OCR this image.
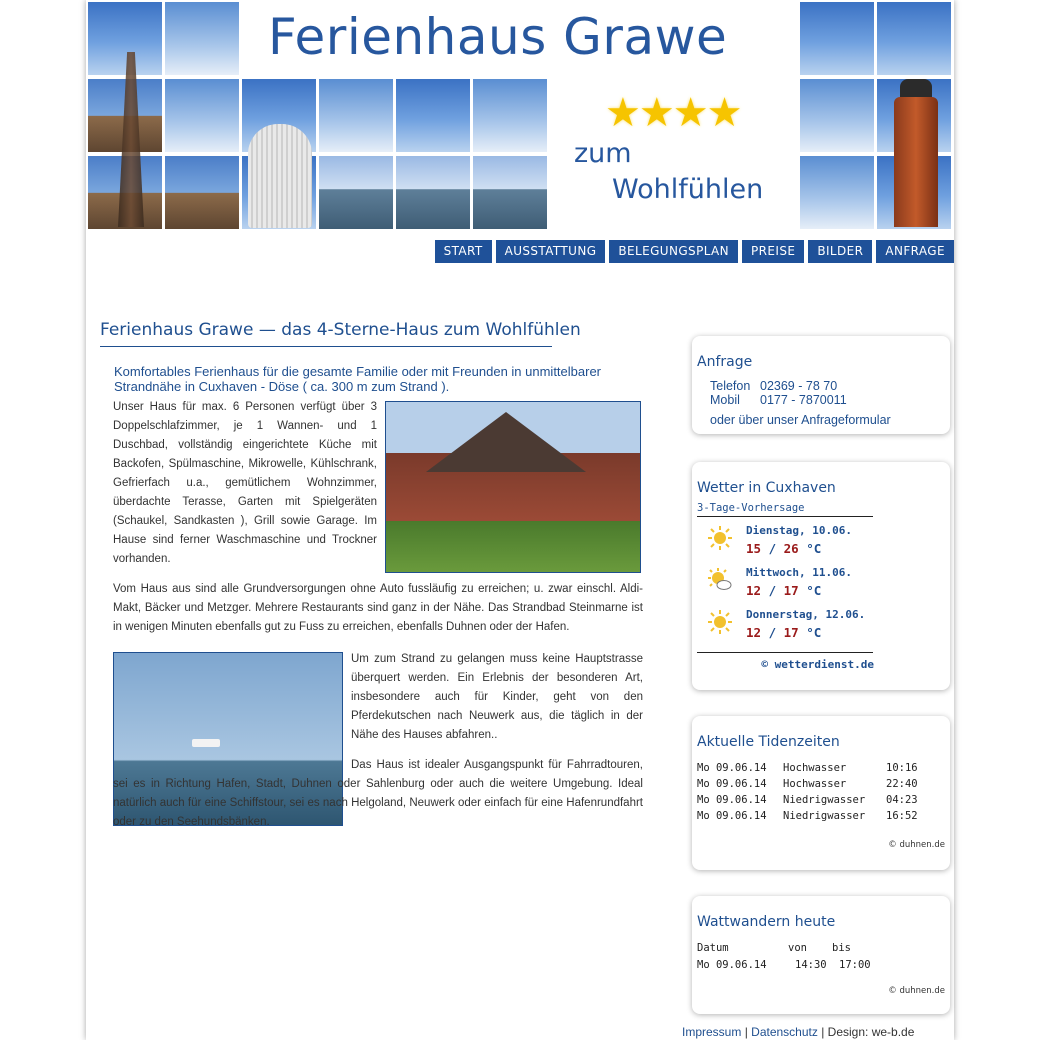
Ferienhaus Grawe
★★★★
zum
Wohlfühlen
START	AUSSTATTUNG	BELEGUNGSPLAN	PREISE	BILDER	ANFRAGE
Ferienhaus Grawe — das 4-Sterne-Haus zum Wohlfühlen
Komfortables Ferienhaus für die gesamte Familie oder mit Freunden in unmittelbarer Strandnähe in Cuxhaven - Döse ( ca. 300 m zum Strand ).
Unser Haus für max. 6 Personen verfügt über 3 Doppelschlafzimmer, je 1 Wannen- und 1 Duschbad, vollständig eingerichtete Küche mit Backofen, Spülmaschine, Mikrowelle, Kühlschrank, Gefrierfach u.a., gemütlichem Wohnzimmer, überdachte Terasse, Garten mit Spielgeräten (Schaukel, Sandkasten ), Grill sowie Garage. Im Hause sind ferner Waschmaschine und Trockner vorhanden.
Vom Haus aus sind alle Grundversorgungen ohne Auto fussläufig zu erreichen; u. zwar einschl. Aldi-Makt, Bäcker und Metzger. Mehrere Restaurants sind ganz in der Nähe. Das Strandbad Steinmarne ist in wenigen Minuten ebenfalls gut zu Fuss zu erreichen, ebenfalls Duhnen oder der Hafen.
Um zum Strand zu gelangen muss keine Hauptstrasse überquert werden. Ein Erlebnis der besonderen Art, insbesondere auch für Kinder, geht von den Pferdekutschen nach Neuwerk aus, die täglich in der Nähe des Hauses abfahren..
Das Haus ist idealer Ausgangspunkt für Fahrradtouren, sei es in Richtung Hafen, Stadt, Duhnen oder Sahlenburg oder auch die weitere Umgebung. Ideal natürlich auch für eine Schiffstour, sei es nach Helgoland, Neuwerk oder einfach für eine Hafenrundfahrt oder zu den Seehundsbänken.
Anfrage
Telefon 02369 - 78 70
Mobil 0177 - 7870011
oder über unser Anfrageformular
Wetter in Cuxhaven
3-Tage-Vorhersage
Dienstag, 10.06.
15 / 26 °C
Mittwoch, 11.06.
12 / 17 °C
Donnerstag, 12.06.
12 / 17 °C
© wetterdienst.de
Aktuelle Tidenzeiten
Mo 09.06.14 Hochwasser	10:16
Mo 09.06.14 Hochwasser	22:40
Mo 09.06.14 Niedrigwasser 04:23
Mo 09.06.14 Niedrigwasser 16:52
© duhnen.de
Wattwandern heute
Datum	von bis
Mo 09.06.14	14:30 17:00
© duhnen.de
Impressum | Datenschutz | Design: we-b.de
